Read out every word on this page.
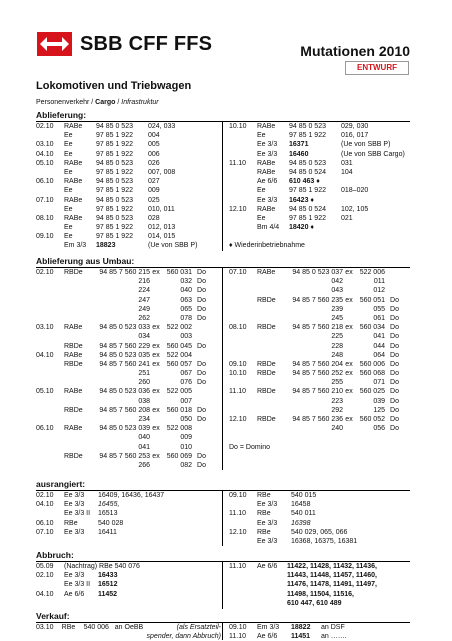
SBB CFF FFS	Mutationen 2010
ENTWURF
Lokomotiven und Triebwagen
Personenverkehr / Cargo / Infrastruktur
Ablieferung:
02.10	RABe	94 85 0 523	024, 033
Ee	97 85 1 922	004
03.10	Ee	97 85 1 922	005
04.10	Ee	97 85 1 922	006
05.10	RABe	94 85 0 523	026
Ee	97 85 1 922	007, 008
06.10	RABe	94 85 0 523	027
Ee	97 85 1 922	009
07.10	RABe	94 85 0 523	025
Ee	97 85 1 922	010, 011
08.10	RABe	94 85 0 523	028
Ee	97 85 1 922	012, 013
09.10	Ee	97 85 1 922	014, 015
Em 3/3	18823	(Ue von SBB P)
10.10	RABe	94 85 0 523	029, 030
Ee	97 85 1 922	016, 017
Ee 3/3	16371	(Ue von SBB P)
Ee 3/3	16460	(Ue von SBB Cargo)
11.10	RABe	94 85 0 523	031
RABe	94 85 0 524	104
Ae 6/6	610 463 ♦
Ee	97 85 1 922	018–020
Ee 3/3	16423 ♦
12.10	RABe	94 85 0 524	102, 105
Ee	97 85 1 922	021
Bm 4/4	18420 ♦
♦ Wiederinbetriebnahme
Ablieferung aus Umbau:
02.10	RBDe	94 85 7 560 215 ex 560 031 Do
216	032 Do
224	040 Do
247	063 Do
249	065 Do
262	078 Do
03.10	RABe	94 85 0 523 033 ex 522 002
034	003
RBDe	94 85 7 560 229 ex 560 045 Do
04.10	RABe	94 85 0 523 035 ex 522 004
RBDe	94 85 7 560 241 ex 560 057 Do
251	067 Do
260	076 Do
05.10	RABe	94 85 0 523 036 ex 522 005
038	007
RBDe	94 85 7 560 208 ex 560 018 Do
234	050 Do
06.10	RABe	94 85 0 523 039 ex 522 008
040	009
041	010
RBDe	94 85 7 560 253 ex 560 069 Do
266	082 Do
07.10	RABe	94 85 0 523 037 ex 522 006
042	011
043	012
RBDe	94 85 7 560 235 ex 560 051 Do
239	055 Do
245	061 Do
08.10	RBDe	94 85 7 560 218 ex 560 034 Do
225	041 Do
228	044 Do
248	064 Do
09.10	RBDe	94 85 7 560 204 ex 560 006 Do
10.10	RBDe	94 85 7 560 252 ex 560 068 Do
255	071 Do
11.10	RBDe	94 85 7 560 210 ex 560 025 Do
223	039 Do
292	125 Do
12.10	RBDe	94 85 7 560 236 ex 560 052 Do
240	056 Do
Do = Domino
ausrangiert:
02.10	Ee 3/3	16409, 16436, 16437
04.10	Ee 3/3	16455,
Ee 3/3 II	16513
06.10	RBe	540 028
07.10	Ee 3/3	16411
09.10	RBe	540 015
Ee 3/3	16458
11.10	RBe	540 011
Ee 3/3	16398
12.10	RBe	540 029, 065, 066
Ee 3/3	16368, 16375, 16381
Abbruch:
05.09	(Nachtrag) RBe 540 076
02.10	Ee 3/3	16433
Ee 3/3 II	16512
04.10	Ae 6/6	11452
11.10	Ae 6/6	11422, 11428, 11432, 11436,
11443, 11448, 11457, 11460,
11476, 11478, 11491, 11497,
11498, 11504, 11516,
610 447, 610 489
Verkauf:
03.10	RBe	540 006 an OeBB	(als Ersatzteil-
spender, dann Abbruch)
09.10	Em 3/3	18822	an DSF
11.10	Ae 6/6	11451	an …….
